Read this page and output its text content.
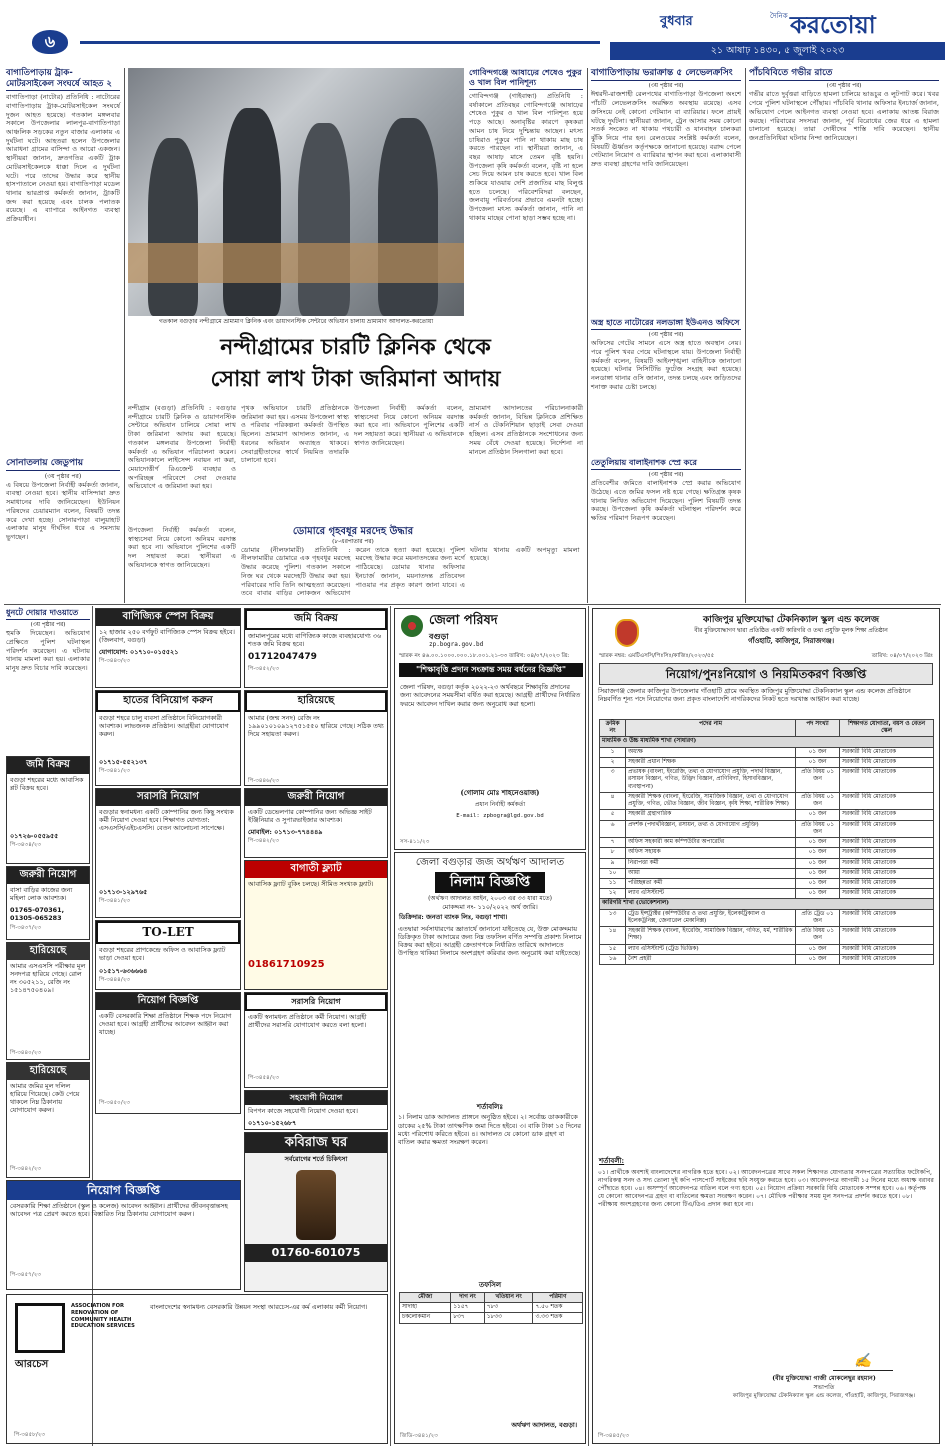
৬
বুধবার	দৈনিক করতোয়া
২১ আষাঢ় ১৪৩০, ৫ জুলাই ২০২৩
বাগাতিপাড়ায় ট্রাক-মোটরসাইকেল সংঘর্ষে আহত ২
বাগাতিপাড়া (নাটোর) প্রতিনিধি : নাটোরের বাগাতিপাড়ায় ট্রাক-মোটরসাইকেল সংঘর্ষে দুজন আহত হয়েছে। গতকাল মঙ্গলবার সকালে উপজেলার লালপুর-বাগাতিপাড়া আঞ্চলিক সড়কের নতুন বাজার এলাকায় এ দুর্ঘটনা ঘটে। আহতরা হলেন উপজেলার আরাধনা গ্রামের বাসিন্দা ও আরো একজন। স্থানীয়রা জানান, দ্রুতগতির একটি ট্রাক মোটরসাইকেলকে ধাক্কা দিলে এ দুর্ঘটনা ঘটে। পরে তাদের উদ্ধার করে স্থানীয় হাসপাতালে নেওয়া হয়। বাগাতিপাড়া মডেল থানার ভারপ্রাপ্ত কর্মকর্তা জানান, ট্রাকটি জব্দ করা হয়েছে এবং চালক পলাতক রয়েছে। এ ব্যাপারে আইনগত ব্যবস্থা প্রক্রিয়াধীন।
সোনাতলায় জেডুপায়
(৩য় পৃষ্ঠার পর)
এ বিষয়ে উপজেলা নির্বাহী কর্মকর্তা জানান, ব্যবস্থা নেওয়া হবে। স্থানীয় বাসিন্দারা দ্রুত সমাধানের দাবি জানিয়েছেন। ইউনিয়ন পরিষদের চেয়ারম্যান বলেন, বিষয়টি তদন্ত করে দেখা হচ্ছে। সোনারপাড়া বালুয়াহাট এলাকার মানুষ দীর্ঘদিন ধরে এ সমস্যায় ভুগছেন।
গতকাল বগুড়ার নন্দীগ্রামে ভ্রাম্যমাণ ক্লিনিক এবং ডায়াগনস্টিক সেন্টারে অভিযান চালায় ভ্রাম্যমাণ আদালত-করতোয়া
গোবিন্দগঞ্জে আষাঢ়ের শেষেও পুকুর ও খাল বিল পানিশূন্য
গোবিন্দগঞ্জ (গাইবান্ধা) প্রতিনিধি : বর্ষাকালে প্রতিবছর গোবিন্দগঞ্জে আষাঢ়ের শেষেও পুকুর ও খাল বিল পানিশূন্য হয়ে পড়ে আছে। অনাবৃষ্টির কারণে কৃষকরা আমন চাষ নিয়ে দুশ্চিন্তায় আছেন। মৎস্য চাষিরাও পুকুরে পানি না থাকায় মাছ চাষ করতে পারছেন না। স্থানীয়রা জানান, এ বছর আষাঢ় মাসে তেমন বৃষ্টি হয়নি। উপজেলা কৃষি কর্মকর্তা বলেন, বৃষ্টি না হলে সেচ দিয়ে আমন চাষ করতে হবে। খাল বিল শুকিয়ে যাওয়ায় দেশি প্রজাতির মাছ বিলুপ্ত হতে চলেছে। পরিবেশবিদরা বলছেন, জলবায়ু পরিবর্তনের প্রভাবে এমনটা হচ্ছে। উপজেলা মৎস্য কর্মকর্তা জানান, পানি না থাকায় মাছের পোনা ছাড়া সম্ভব হচ্ছে না।
নন্দীগ্রামের চারটি ক্লিনিক থেকে
সোয়া লাখ টাকা জরিমানা আদায়
নন্দীগ্রাম (বগুড়া) প্রতিনিধি : বগুড়ার নন্দীগ্রামে চারটি ক্লিনিক ও ডায়াগনস্টিক সেন্টারে অভিযান চালিয়ে সোয়া লাখ টাকা জরিমানা আদায় করা হয়েছে। গতকাল মঙ্গলবার উপজেলা নির্বাহী কর্মকর্তা এ অভিযান পরিচালনা করেন। অভিযানকালে লাইসেন্স নবায়ন না করা, মেয়াদোত্তীর্ণ রিএজেন্ট ব্যবহার ও অপরিচ্ছন্ন পরিবেশে সেবা দেওয়ার অভিযোগে এ জরিমানা করা হয়।
পৃথক অভিযানে চারটি প্রতিষ্ঠানকে জরিমানা করা হয়। এসময় উপজেলা স্বাস্থ্য ও পরিবার পরিকল্পনা কর্মকর্তা উপস্থিত ছিলেন। ভ্রাম্যমাণ আদালত জানান, এ ধরনের অভিযান অব্যাহত থাকবে। সেবাগ্রহীতাদের স্বার্থে নিয়মিত তদারকি চালানো হবে।
উপজেলা নির্বাহী কর্মকর্তা বলেন, স্বাস্থ্যসেবা নিয়ে কোনো অনিয়ম বরদাস্ত করা হবে না। অভিযানে পুলিশের একটি দল সহায়তা করে। স্থানীয়রা এ অভিযানকে স্বাগত জানিয়েছেন।
ভ্রাম্যমাণ আদালতের পরিচালনাকারী কর্মকর্তা জানান, বিভিন্ন ক্লিনিকে প্রশিক্ষিত নার্স ও টেকনিশিয়ান ছাড়াই সেবা দেওয়া হচ্ছিল। এসব প্রতিষ্ঠানকে সংশোধনের জন্য সময় বেঁধে দেওয়া হয়েছে। নির্দেশনা না মানলে প্রতিষ্ঠান সিলগালা করা হবে।
ডোমারে গৃহবধূর মরদেহ উদ্ধার
(৮-এরপাতার পর)
ডোমার (নীলফামারী) প্রতিনিধি : নীলফামারীর ডোমারে এক গৃহবধূর মরদেহ উদ্ধার করেছে পুলিশ। গতকাল সকালে নিজ ঘর থেকে মরদেহটি উদ্ধার করা হয়। পরিবারের দাবি তিনি আত্মহত্যা করেছেন। তবে বাবার বাড়ির লোকজন অভিযোগ করেন তাকে হত্যা করা হয়েছে। পুলিশ মরদেহ উদ্ধার করে ময়নাতদন্তের জন্য মর্গে পাঠিয়েছে। ডোমার থানার অফিসার ইনচার্জ জানান, ময়নাতদন্ত প্রতিবেদন পাওয়ার পর প্রকৃত কারণ জানা যাবে। এ ঘটনায় থানায় একটি অপমৃত্যু মামলা হয়েছে।
উপজেলা নির্বাহী কর্মকর্তা বলেন, স্বাস্থ্যসেবা নিয়ে কোনো অনিয়ম বরদাস্ত করা হবে না। অভিযানে পুলিশের একটি দল সহায়তা করে। স্থানীয়রা এ অভিযানকে স্বাগত জানিয়েছেন।
বাগাতিপাড়ায় ভরাক্রান্ত ৫ লেভেলক্রসিং
(৩য় পৃষ্ঠার পর)
ঈশ্বরদী-রাজশাহী রেলপথের বাগাতিপাড়া উপজেলা অংশে পাঁচটি লেভেলক্রসিং অরক্ষিত অবস্থায় রয়েছে। এসব ক্রসিংয়ে নেই কোনো গেটম্যান বা ব্যারিয়ার। ফলে প্রায়ই ঘটছে দুর্ঘটনা। স্থানীয়রা জানান, ট্রেন আসার সময় কোনো সতর্ক সংকেত না থাকায় পথচারী ও যানবাহন চালকরা ঝুঁকি নিয়ে পার হন। রেলওয়ের সংশ্লিষ্ট কর্মকর্তা বলেন, বিষয়টি ঊর্ধ্বতন কর্তৃপক্ষকে জানানো হয়েছে। বরাদ্দ পেলে গেটম্যান নিয়োগ ও ব্যারিয়ার স্থাপন করা হবে। এলাকাবাসী দ্রুত ব্যবস্থা গ্রহণের দাবি জানিয়েছেন।
অস্ত্র হাতে নাটোরের নলডাঙ্গা ইউএনও অফিসে
(৩য় পৃষ্ঠার পর)
অফিসের গেটের সামনে এসে অস্ত্র হাতে অবস্থান নেয়। পরে পুলিশ খবর পেয়ে ঘটনাস্থলে যায়। উপজেলা নির্বাহী কর্মকর্তা বলেন, বিষয়টি আইনশৃঙ্খলা বাহিনীকে জানানো হয়েছে। ঘটনার সিসিটিভি ফুটেজ সংগ্রহ করা হয়েছে। নলডাঙ্গা থানার ওসি জানান, তদন্ত চলছে এবং জড়িতদের শনাক্ত করার চেষ্টা চলছে।
তেতুলিয়ায় বালাইনাশক স্প্রে করে
(৩য় পৃষ্ঠার পর)
প্রতিবেশীর জমিতে বালাইনাশক স্প্রে করার অভিযোগ উঠেছে। এতে জমির ফসল নষ্ট হয়ে গেছে। ক্ষতিগ্রস্ত কৃষক থানায় লিখিত অভিযোগ দিয়েছেন। পুলিশ বিষয়টি তদন্ত করছে। উপজেলা কৃষি কর্মকর্তা ঘটনাস্থল পরিদর্শন করে ক্ষতির পরিমাণ নিরূপণ করেছেন।
পাঁচবিবিতে গভীর রাতে
(৩য় পৃষ্ঠার পর)
গভীর রাতে দুর্বৃত্তরা বাড়িতে হামলা চালিয়ে ভাঙচুর ও লুটপাট করে। খবর পেয়ে পুলিশ ঘটনাস্থলে পৌঁছায়। পাঁচবিবি থানার অফিসার ইনচার্জ জানান, অভিযোগ পেলে আইনগত ব্যবস্থা নেওয়া হবে। এলাকায় আতঙ্ক বিরাজ করছে। পরিবারের সদস্যরা জানান, পূর্ব বিরোধের জের ধরে এ হামলা চালানো হয়েছে। তারা দোষীদের শাস্তি দাবি করেছেন। স্থানীয় জনপ্রতিনিধিরা ঘটনার নিন্দা জানিয়েছেন।
ধুনটে দোয়ার দাওয়াতে
(৩য় পৃষ্ঠার পর)
হুমকি দিয়েছেন। অভিযোগ প্রেক্ষিতে পুলিশ ঘটনাস্থল পরিদর্শন করেছেন। এ ঘটনায় থানায় মামলা করা হয়। এলাকার মানুষ দ্রুত বিচার দাবি করেছেন।
জমি বিক্রয়
বগুড়া শহরের মধ্যে আবাসিক প্লট বিক্রয় হবে।
০১৭২৬-০৫৫৯৫৫
পি-৩৪৩৪/২৩
জরুরী নিয়োগ
বাসা বাড়ির কাজের জন্য মহিলা লোক আবশ্যক।
01765-070361, 01305-065283
পি-৩৪৩৭/২৩
হারিয়েছে
আমার এসএসসি পরীক্ষার মূল সনদপত্র হারিয়ে গেছে। রোল নং ৩০৫২১১, রেজি নং ১৫১৪৭৫০৪০৯।
পি-৩৪৪০/২৩
হারিয়েছে
আমার জমির মূল দলিল হারিয়ে গিয়েছে। কেউ পেয়ে থাকলে নিম্ন ঠিকানায় যোগাযোগ করুন।
পি-৩৪৪২/২৩
বাণিজ্যিক স্পেস বিক্রয়
১২ হাজার ২৫০ বর্গফুট বাণিজ্যিক স্পেস বিক্রয় হইবে। (জিলবাগ, বগুড়া)
যোগাযোগ: ০১৭১০-০১৫৫২১
পি-৩৪৪৩/২৩
হাতের বিনিয়োগ করুন
বগুড়া শহরে চালু ব্যবসা প্রতিষ্ঠানে বিনিয়োগকারী আবশ্যক। লাভজনক প্রতিষ্ঠান। আগ্রহীরা যোগাযোগ করুন।
০১৭১৫-৫৫২১৩৭
পি-৩৪৪১/২৩
সরাসরি নিয়োগ
বগুড়ার স্বনামধন্য একটি কোম্পানির জন্য কিছু সংখ্যক কর্মী নিয়োগ দেওয়া হবে। শিক্ষাগত যোগ্যতা: এসএসসি/এইচএসসি। বেতন আলোচনা সাপেক্ষে।
০১৭১৩-১২৯৭৬৫
পি-৩৪৪১/২৩
TO-LET
বগুড়া শহরের প্রাণকেন্দ্রে অফিস ও আবাসিক ফ্ল্যাট ভাড়া দেওয়া হবে।
০১৫১৭-৬৩৬৬৬৪
পি-৩৪৪৪/২৩
নিয়োগ বিজ্ঞপ্তি
একটি বেসরকারি শিক্ষা প্রতিষ্ঠানে শিক্ষক পদে নিয়োগ দেওয়া হবে। আগ্রহী প্রার্থীদের আবেদন আহ্বান করা যাচ্ছে।
পি-৩৪৫০/২৩
জমি বিক্রয়
জামালপুরের মধ্যে বাণিজ্যিক কাজে ব্যবহারযোগ্য ৩৬ শতক জমি বিক্রয় হবে।
01712047479
পি-৩৪৫২/২৩
হারিয়েছে
আমার (জন্ম সনদ) রেজি নং ১৯৯০১০১০৯১২৭৫১৫৫০ হারিয়ে গেছে। সঠিক তথ্য দিয়ে সহায়তা করুন।
পি-৩৪৪৬/২৩
জরুরী নিয়োগ
একটি ডেভেলপার কোম্পানির জন্য অভিজ্ঞ সাইট ইঞ্জিনিয়ার ও সুপারভাইজার আবশ্যক।
মোবাইল: ০১৭১৩-৭৭৪৪৪৯
পি-৩৪৪২/২৩
বাগাতী ফ্ল্যাট
আবাসিক ফ্ল্যাট বুকিং চলছে। সীমিত সংখ্যক ফ্ল্যাট।
01861710925
সরাসরি নিয়োগ
একটি স্বনামধন্য প্রতিষ্ঠানে কর্মী নিয়োগ। আগ্রহী প্রার্থীদের সরাসরি যোগাযোগ করতে বলা হলো।
পি-৩৪৫৪/২৩
সহযোগী নিয়োগ
বিপণন কাজে সহযোগী নিয়োগ দেওয়া হবে।
০১৭১০-১৫২৬৮৭
কবিরাজ ঘর
সর্বরোগের শর্তে চিকিৎসা
01760-601075
নিয়োগ বিজ্ঞপ্তি
বেসরকারি শিক্ষা প্রতিষ্ঠানে (স্কুল ও কলেজ) আবেদন আহ্বান। প্রার্থীদের জীবনবৃত্তান্তসহ আবেদন পত্র প্রেরণ করতে হবে। বিস্তারিত নিম্ন ঠিকানায় যোগাযোগ করুন।
পি-৩৪৫৭/২৩
ASSOCIATION FOR RENOVATION OF COMMUNITY HEALTH EDUCATION SERVICES
আরচেস
বাংলাদেশের স্বনামধন্য বেসরকারি উন্নয়ন সংস্থা আরচেস-এর কর্ম এলাকায় কর্মী নিয়োগ।
পি-৩৪৫৮/২৩
জেলা পরিষদ
বগুড়া
zp.bogra.gov.bd
স্মারক নং ৪৬.০০.১০০০.০০০.১৮.০০১.২১-৩৩ তারিখ: ০৪/০৭/২০২৩ খ্রি:
"শিক্ষাবৃত্তি প্রদান সংক্রান্ত সময় বর্ধনের বিজ্ঞপ্তি"
জেলা পরিষদ, বগুড়া কর্তৃক ২০২২-২৩ অর্থবছরে শিক্ষাবৃত্তি প্রদানের জন্য আবেদনের সময়সীমা বর্ধিত করা হয়েছে। আগ্রহী প্রার্থীদের নির্ধারিত ফরমে আবেদন দাখিল করার জন্য অনুরোধ করা হলো।
(গোলাম মোঃ শাহনেওয়াজ)
প্রধান নির্বাহী কর্মকর্তা
E-mail: zpbogra@lgd.gov.bd
সস-৪১১/২৩
জেলা বগুড়ার জজ অর্থঋণ আদালত
নিলাম বিজ্ঞপ্তি
(অর্থঋণ আদালত আইন, ২০০৩ এর ৩৩ ধারা মতে)
মোকদ্দমা নং- ১১০/২০২২ অর্থ জারি।
ডিক্রিদার: জনতা ব্যাংক লিঃ, বগুড়া শাখা।
এতদ্বারা সর্বসাধারণের জ্ঞাতার্থে জানানো যাইতেছে যে, উক্ত মোকদ্দমায় ডিক্রিকৃত টাকা আদায়ের জন্য নিম্ন তফসিল বর্ণিত সম্পত্তি প্রকাশ্য নিলামে বিক্রয় করা হইবে। আগ্রহী ক্রেতাগণকে নির্ধারিত তারিখে আদালতে উপস্থিত থাকিয়া নিলামে অংশগ্রহণ করিবার জন্য অনুরোধ করা যাইতেছে।
শর্তাবলিঃ
১। নিলাম ডাক আদালত প্রাঙ্গনে অনুষ্ঠিত হইবে। ২। সর্বোচ্চ ডাককারীকে ডাকের ২৫% টাকা তাৎক্ষণিক জমা দিতে হইবে। ৩। বাকি টাকা ১৫ দিনের মধ্যে পরিশোধ করিতে হইবে। ৪। আদালত যে কোনো ডাক গ্রহণ বা বাতিল করার ক্ষমতা সংরক্ষণ করেন।
তফসিল
মৌজা	দাগ নং	খতিয়ান নং	পরিমাণ
সাদাহা	১১৫৭	৭৮৩	৭.৫০ শতক
চকলোকমান	৮৩৭	১৮৩৩	৩.৩৩ শতক
অর্থঋণ আদালত, বগুড়া।
জিডি-৩৪৪১/২৩
কাজিপুর মুক্তিযোদ্ধা টেকনিক্যাল স্কুল এন্ড কলেজ
বীর মুক্তিযোদ্ধাগণ দ্বারা প্রতিষ্ঠিত একটি কারিগরি ও তথ্য প্রযুক্তি মূলক শিক্ষা প্রতিষ্ঠান
গাঁওহাটি, কাজিপুর, সিরাজগঞ্জ।
স্মারক নম্বর: এমটিএসসি/পিঃসিঃ/কাজিঃ/২০২৩/৫৫	তারিখ: ০৪/০৭/২০২৩ খ্রিঃ
নিয়োগ/পুনঃনিয়োগ ও নিয়মিতকরণ বিজ্ঞপ্তি
সিরাজগঞ্জ জেলার কাজিপুর উপজেলার গাঁওহাটি গ্রামে অবস্থিত কাজিপুর মুক্তিযোদ্ধা টেকনিক্যাল স্কুল এন্ড কলেজ প্রতিষ্ঠানে নিম্নবর্ণিত শূন্য পদে নিয়োগের জন্য প্রকৃত বাংলাদেশি নাগরিকদের নিকট হতে দরখাস্ত আহ্বান করা যাচ্ছে।
ক্রমিক নং	পদের নাম	পদ সংখ্যা	শিক্ষাগত যোগ্যতা, বয়স ও বেতন স্কেল
মাধ্যমিক ও উচ্চ মাধ্যমিক শাখা (সাধারণ)			
১	অধ্যক্ষ	০১ জন	সরকারী বিধি মোতাবেক
২	সহকারী প্রধান শিক্ষক	০১ জন	সরকারী বিধি মোতাবেক
৩	প্রভাষক (বাংলা, ইংরেজি, তথ্য ও যোগাযোগ প্রযুক্তি, পদার্থ বিজ্ঞান, রসায়ন বিজ্ঞান, গণিত, উদ্ভিদ বিজ্ঞান, প্রাণিবিদ্যা, হিসাববিজ্ঞান, ব্যবস্থাপনা)	প্রতি বিষয় ০১ জন	সরকারী বিধি মোতাবেক
৪	সহকারী শিক্ষক (বাংলা, ইংরেজি, সামাজিক বিজ্ঞান, তথ্য ও যোগাযোগ প্রযুক্তি, গণিত, ভৌত বিজ্ঞান, জীব বিজ্ঞান, কৃষি শিক্ষা, শারীরিক শিক্ষা)	প্রতি বিষয় ০১ জন	সরকারী বিধি মোতাবেক
৫	সহকারী গ্রন্থাগারিক	০১ জন	সরকারী বিধি মোতাবেক
৬	প্রদর্শক (পদার্থবিজ্ঞান, রসায়ন, তথ্য ও যোগাযোগ প্রযুক্তি)	প্রতি বিষয় ০১ জন	সরকারী বিধি মোতাবেক
৭	অফিস সহকারী কাম কম্পিউটার অপারেটর	০১ জন	সরকারী বিধি মোতাবেক
৮	অফিস সহায়ক	০১ জন	সরকারী বিধি মোতাবেক
৯	নিরাপত্তা কর্মী	০১ জন	সরকারী বিধি মোতাবেক
১০	আয়া	০১ জন	সরকারী বিধি মোতাবেক
১১	পরিচ্ছন্নতা কর্মী	০১ জন	সরকারী বিধি মোতাবেক
১২	ল্যাব এসিস্ট্যান্ট	০১ জন	সরকারী বিধি মোতাবেক
কারিগরি শাখা (ভোকেশনাল)			
১৩	ট্রেড ইন্সট্রাক্টর (কম্পিউটার ও তথ্য প্রযুক্তি, ইলেকট্রিক্যাল ও ইলেকট্রনিক্স, জেনারেল মেকানিক্স)	প্রতি ট্রেড ০১ জন	সরকারী বিধি মোতাবেক
১৪	সহকারী শিক্ষক (বাংলা, ইংরেজি, সামাজিক বিজ্ঞান, গণিত, ধর্ম, শারীরিক শিক্ষা)	প্রতি বিষয় ০১ জন	সরকারী বিধি মোতাবেক
১৫	ল্যাব এসিস্ট্যান্ট (ট্রেড ভিত্তিক)	০১ জন	সরকারী বিধি মোতাবেক
১৬	নৈশ প্রহরী	০১ জন	সরকারী বিধি মোতাবেক
শর্তাবলী:
০১। প্রার্থীকে অবশ্যই বাংলাদেশের নাগরিক হতে হবে। ০২। আবেদনপত্রের সাথে সকল শিক্ষাগত যোগ্যতার সনদপত্রের সত্যায়িত ফটোকপি, নাগরিকত্ব সনদ ও সদ্য তোলা দুই কপি পাসপোর্ট সাইজের ছবি সংযুক্ত করতে হবে। ০৩। আবেদনপত্র আগামী ১৫ দিনের মধ্যে অধ্যক্ষ বরাবর পৌঁছাতে হবে। ০৪। অসম্পূর্ণ আবেদনপত্র বাতিল বলে গণ্য হবে। ০৫। নিয়োগ প্রক্রিয়া সরকারি বিধি মোতাবেক সম্পন্ন হবে। ০৬। কর্তৃপক্ষ যে কোনো আবেদনপত্র গ্রহণ বা বাতিলের ক্ষমতা সংরক্ষণ করেন। ০৭। মৌখিক পরীক্ষার সময় মূল সনদপত্র প্রদর্শন করতে হবে। ০৮। পরীক্ষায় অংশগ্রহণের জন্য কোনো টিএ/ডিএ প্রদান করা হবে না।
✍
(বীর মুক্তিযোদ্ধা গাজী মোকলেছুর রহমান)
সভাপতি
কাজিপুর মুক্তিযোদ্ধা টেকনিক্যাল স্কুল এন্ড কলেজ, গাঁওহাটি, কাজিপুর, সিরাজগঞ্জ।
পি-৩৪৪৫/২৩
